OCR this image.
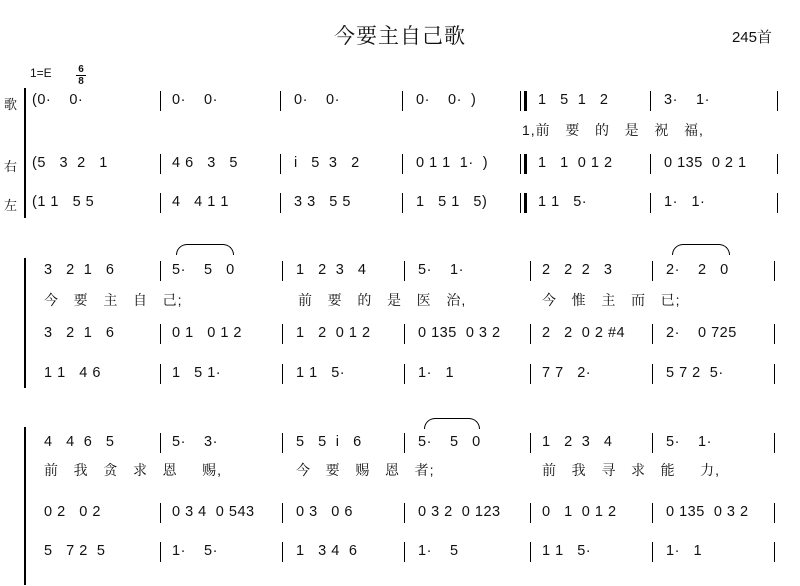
今要主自己歌	245首
1=E	6
8
歌
右
左
(0·    0·	0·    0·	0·    0·	0·    0·  )	1   5  1   2	3·    1·
1,前   要   的   是   祝   福,
(5   3  2   1	4 6   3   5	i   5  3   2	0 1 1  1·  )	1   1  0 1 2	0 135  0 2 1
(1 1   5 5	4   4 1 1	3 3   5 5	1   5 1   5)	1 1   5·	1·   1·
3   2  1   6	5·    5   0	1   2  3   4	5·    1·	2   2  2   3	2·    2   0
今   要   主   自   己;	前   要   的   是   医   治,	今   惟   主   而   已;
3   2  1   6	0 1   0 1 2	1   2  0 1 2	0 135  0 3 2	2   2  0 2 #4	2·    0 725
1 1   4 6	1   5 1·	1 1   5·	1·   1	7 7   2·	5 7 2  5·
4   4  6   5	5·    3·	5   5  i   6	5·    5   0	1   2  3   4	5·    1·
前   我   贪   求   恩     赐,	今   要   赐   恩   者;	前   我   寻   求   能     力,
0 2   0 2	0 3 4  0 543	0 3   0 6	0 3 2  0 123	0   1  0 1 2	0 135  0 3 2
5   7 2  5	1·    5·	1   3 4  6	1·    5	1 1   5·	1·   1
